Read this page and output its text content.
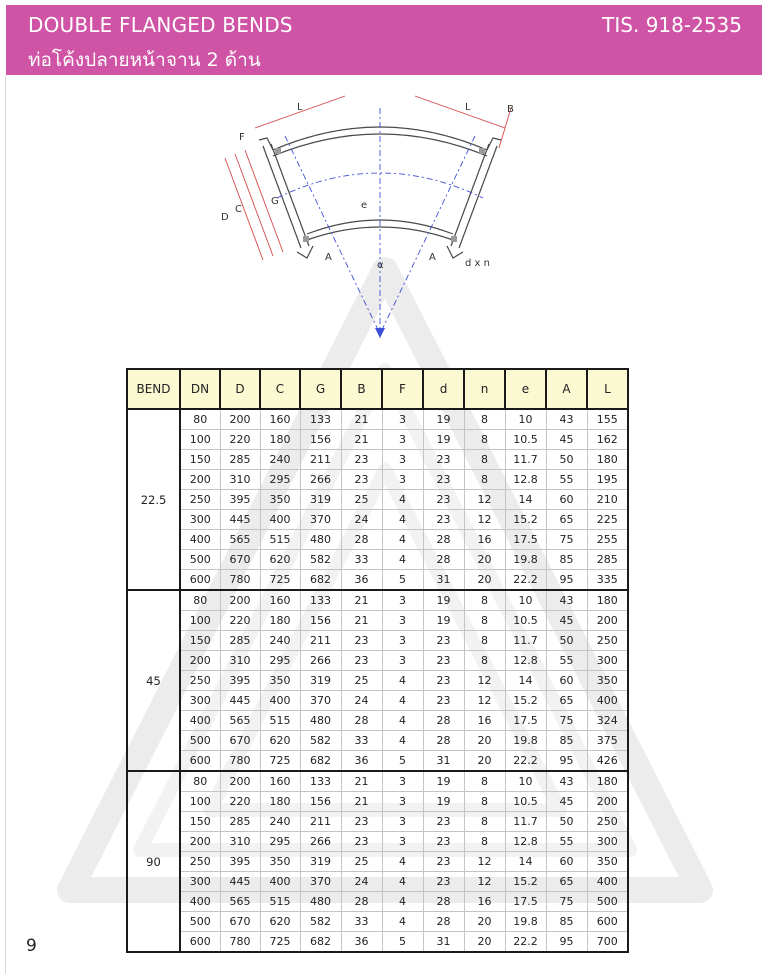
DOUBLE FLANGED BENDS
ท่อโค้งปลายหน้าจาน 2 ด้าน
TIS. 918-2535
L	L	B
F
D
C
G
A	A
e
α	d x n
BEND	DN	D	C	G	B	F	d	n	e	A	L
22.5	80	200	160	133	21	3	19	8	10	43	155
	100	220	180	156	21	3	19	8	10.5	45	162
	150	285	240	211	23	3	23	8	11.7	50	180
	200	310	295	266	23	3	23	8	12.8	55	195
	250	395	350	319	25	4	23	12	14	60	210
	300	445	400	370	24	4	23	12	15.2	65	225
	400	565	515	480	28	4	28	16	17.5	75	255
	500	670	620	582	33	4	28	20	19.8	85	285
	600	780	725	682	36	5	31	20	22.2	95	335
45	80	200	160	133	21	3	19	8	10	43	180
	100	220	180	156	21	3	19	8	10.5	45	200
	150	285	240	211	23	3	23	8	11.7	50	250
	200	310	295	266	23	3	23	8	12.8	55	300
	250	395	350	319	25	4	23	12	14	60	350
	300	445	400	370	24	4	23	12	15.2	65	400
	400	565	515	480	28	4	28	16	17.5	75	324
	500	670	620	582	33	4	28	20	19.8	85	375
	600	780	725	682	36	5	31	20	22.2	95	426
90	80	200	160	133	21	3	19	8	10	43	180
	100	220	180	156	21	3	19	8	10.5	45	200
	150	285	240	211	23	3	23	8	11.7	50	250
	200	310	295	266	23	3	23	8	12.8	55	300
	250	395	350	319	25	4	23	12	14	60	350
	300	445	400	370	24	4	23	12	15.2	65	400
	400	565	515	480	28	4	28	16	17.5	75	500
	500	670	620	582	33	4	28	20	19.8	85	600
	600	780	725	682	36	5	31	20	22.2	95	700
9
